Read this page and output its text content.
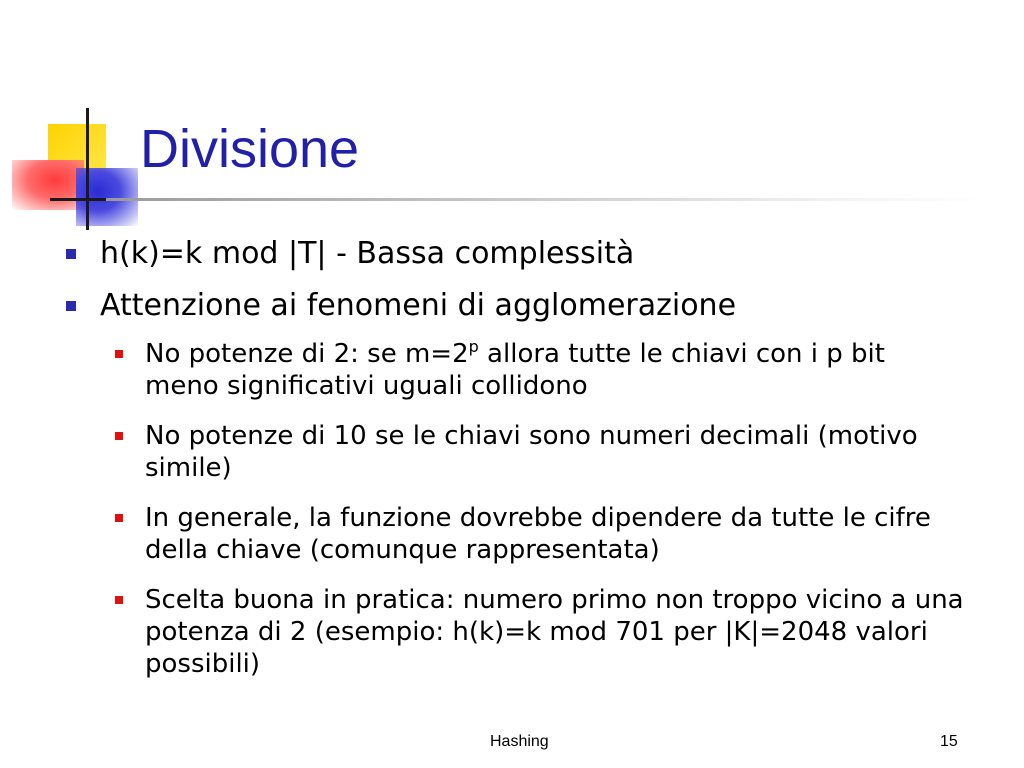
Divisione
h(k)=k mod |T| - Bassa complessità
Attenzione ai fenomeni di agglomerazione
No potenze di 2: se $m=2^p$ allora tutte le chiavi con i p bit meno significativi uguali collidono
No potenze di 10 se le chiavi sono numeri decimali (motivo simile)
In generale, la funzione dovrebbe dipendere da tutte le cifre della chiave (comunque rappresentata)
Scelta buona in pratica: numero primo non troppo vicino a una potenza di 2 (esempio: h(k)=k mod 701 per |K|=2048 valori possibili)
Hashing	15
